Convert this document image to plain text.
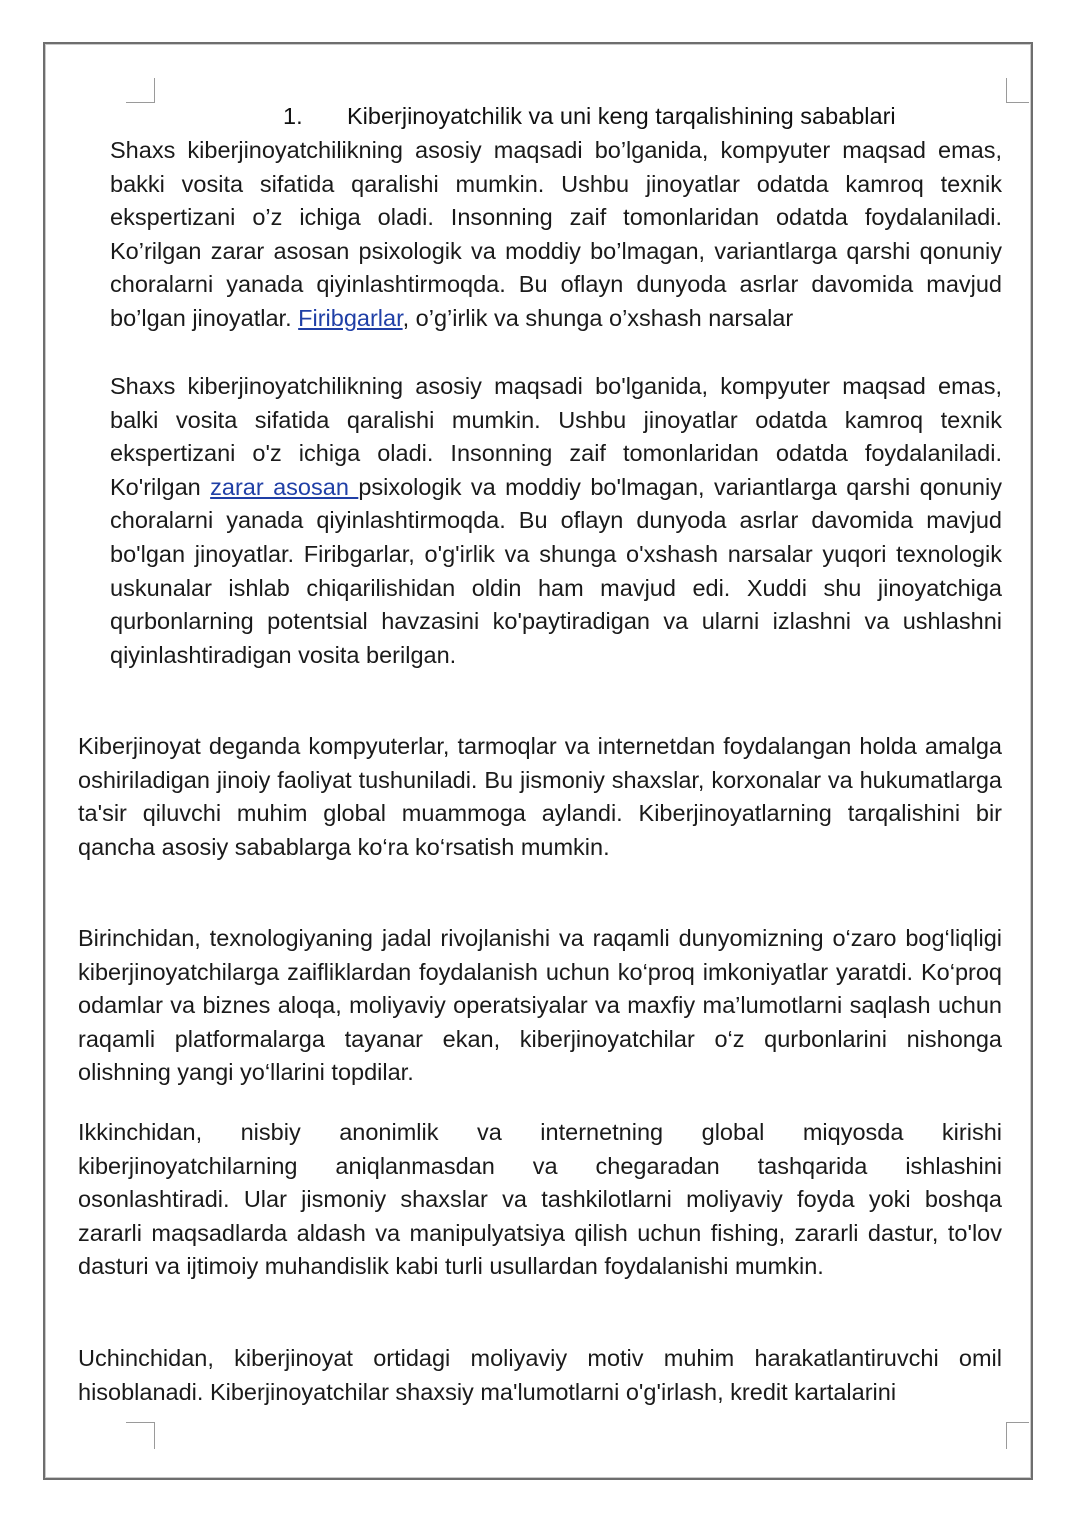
1. Kiberjinoyatchilik va uni keng tarqalishining sabablari

Shaxs kiberjinoyatchilikning asosiy maqsadi bo’lganida, kompyuter maqsad emas, bakki vosita sifatida qaralishi mumkin. Ushbu jinoyatlar odatda kamroq texnik ekspertizani o’z ichiga oladi. Insonning zaif tomonlaridan odatda foydalaniladi. Ko’rilgan zarar asosan psixologik va moddiy bo’lmagan, variantlarga qarshi qonuniy choralarni yanada qiyinlashtirmoqda. Bu oflayn dunyoda asrlar davomida mavjud bo’lgan jinoyatlar. Firibgarlar, o’g’irlik va shunga o’xshash narsalar

Shaxs kiberjinoyatchilikning asosiy maqsadi bo'lganida, kompyuter maqsad emas, balki vosita sifatida qaralishi mumkin. Ushbu jinoyatlar odatda kamroq texnik ekspertizani o'z ichiga oladi. Insonning zaif tomonlaridan odatda foydalaniladi. Ko'rilgan zarar asosan psixologik va moddiy bo'lmagan, variantlarga qarshi qonuniy choralarni yanada qiyinlashtirmoqda. Bu oflayn dunyoda asrlar davomida mavjud bo'lgan jinoyatlar. Firibgarlar, o'g'irlik va shunga o'xshash narsalar yuqori texnologik uskunalar ishlab chiqarilishidan oldin ham mavjud edi. Xuddi shu jinoyatchiga qurbonlarning potentsial havzasini ko'paytiradigan va ularni izlashni va ushlashni qiyinlashtiradigan vosita berilgan.

Kiberjinoyat deganda kompyuterlar, tarmoqlar va internetdan foydalangan holda amalga oshiriladigan jinoiy faoliyat tushuniladi. Bu jismoniy shaxslar, korxonalar va hukumatlarga ta'sir qiluvchi muhim global muammoga aylandi. Kiberjinoyatlarning tarqalishini bir qancha asosiy sabablarga ko‘ra ko‘rsatish mumkin.

Birinchidan, texnologiyaning jadal rivojlanishi va raqamli dunyomizning o‘zaro bog‘liqligi kiberjinoyatchilarga zaifliklardan foydalanish uchun ko‘proq imkoniyatlar yaratdi. Ko‘proq odamlar va biznes aloqa, moliyaviy operatsiyalar va maxfiy ma’lumotlarni saqlash uchun raqamli platformalarga tayanar ekan, kiberjinoyatchilar o‘z qurbonlarini nishonga olishning yangi yo‘llarini topdilar.

Ikkinchidan, nisbiy anonimlik va internetning global miqyosda kirishi kiberjinoyatchilarning aniqlanmasdan va chegaradan tashqarida ishlashini osonlashtiradi. Ular jismoniy shaxslar va tashkilotlarni moliyaviy foyda yoki boshqa zararli maqsadlarda aldash va manipulyatsiya qilish uchun fishing, zararli dastur, to'lov dasturi va ijtimoiy muhandislik kabi turli usullardan foydalanishi mumkin.

Uchinchidan, kiberjinoyat ortidagi moliyaviy motiv muhim harakatlantiruvchi omil hisoblanadi. Kiberjinoyatchilar shaxsiy ma'lumotlarni o'g'irlash, kredit kartalarini
